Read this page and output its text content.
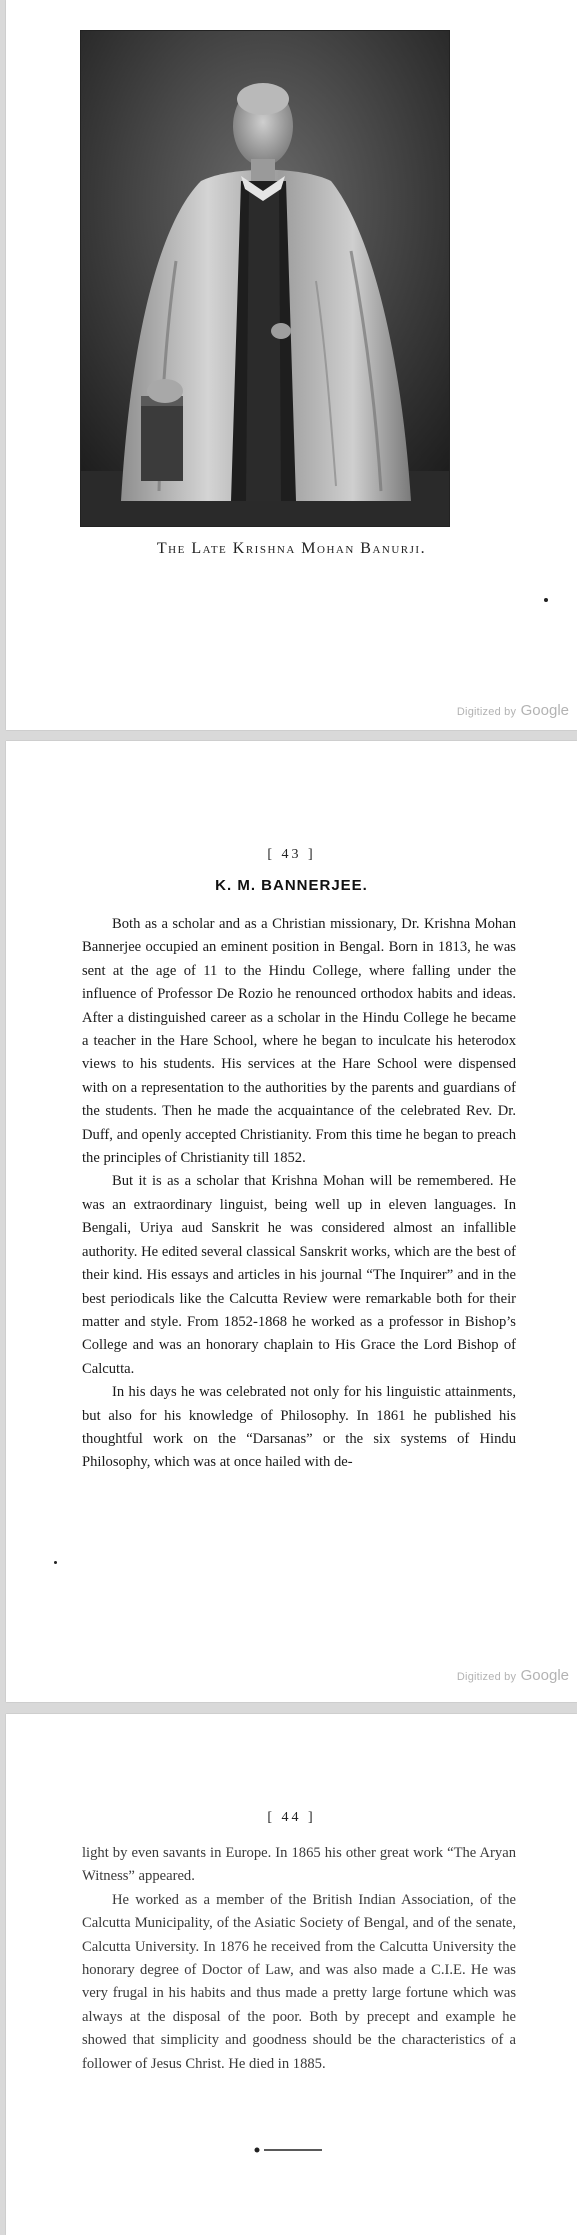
The Late Krishna Mohan Banurji.
Digitized by Google
[ 43 ]
K. M. BANNERJEE.

Both as a scholar and as a Christian missionary, Dr. Krishna Mohan Bannerjee occupied an eminent position in Bengal. Born in 1813, he was sent at the age of 11 to the Hindu College, where falling under the influence of Professor De Rozio he renounced orthodox habits and ideas. After a distinguished career as a scholar in the Hindu College he became a teacher in the Hare School, where he began to inculcate his heterodox views to his students. His services at the Hare School were dispensed with on a representation to the authorities by the parents and guardians of the students. Then he made the acquaintance of the celebrated Rev. Dr. Duff, and openly accepted Christianity. From this time he began to preach the principles of Christianity till 1852.

But it is as a scholar that Krishna Mohan will be remembered. He was an extraordinary linguist, being well up in eleven languages. In Bengali, Uriya aud Sanskrit he was considered almost an infallible authority. He edited several classical Sanskrit works, which are the best of their kind. His essays and articles in his journal “The Inquirer” and in the best periodicals like the Calcutta Review were remarkable both for their matter and style. From 1852-1868 he worked as a professor in Bishop’s College and was an honorary chaplain to His Grace the Lord Bishop of Calcutta.

In his days he was celebrated not only for his linguistic attainments, but also for his knowledge of Philosophy. In 1861 he published his thoughtful work on the “Darsanas” or the six systems of Hindu Philosophy, which was at once hailed with de-

Digitized by Google
[ 44 ]

light by even savants in Europe. In 1865 his other great work “The Aryan Witness” appeared.

He worked as a member of the British Indian Association, of the Calcutta Municipality, of the Asiatic Society of Bengal, and of the senate, Calcutta University. In 1876 he received from the Calcutta University the honorary degree of Doctor of Law, and was also made a C.I.E. He was very frugal in his habits and thus made a pretty large fortune which was always at the disposal of the poor. Both by precept and example he showed that simplicity and goodness should be the characteristics of a follower of Jesus Christ. He died in 1885.
